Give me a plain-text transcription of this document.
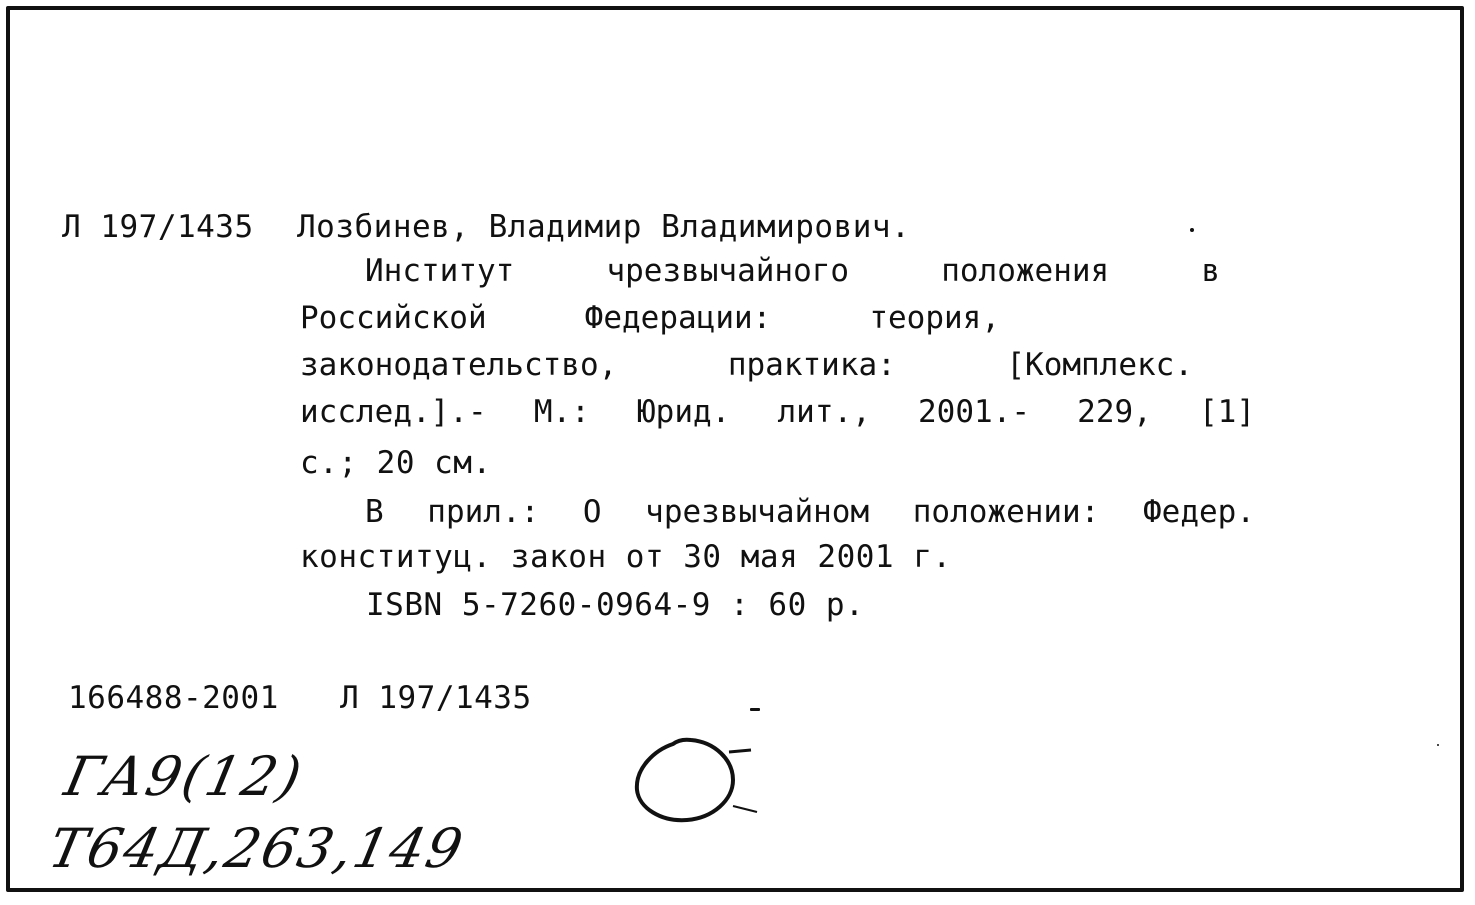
Л 197/1435 Лозбинев, Владимир Владимирович.
Институт чрезвычайного положения в
Российской Федерации: теория,
законодательство, практика: [Комплекс.
исслед.].- М.: Юрид. лит., 2001.- 229, [1]
с.; 20 см.
В прил.: О чрезвычайном положении: Федер.
конституц. закон от 30 мая 2001 г.
ISBN 5-7260-0964-9 : 60 р.
166488-2001 Л 197/1435
ГА9(12)
Т64Д,263,149
